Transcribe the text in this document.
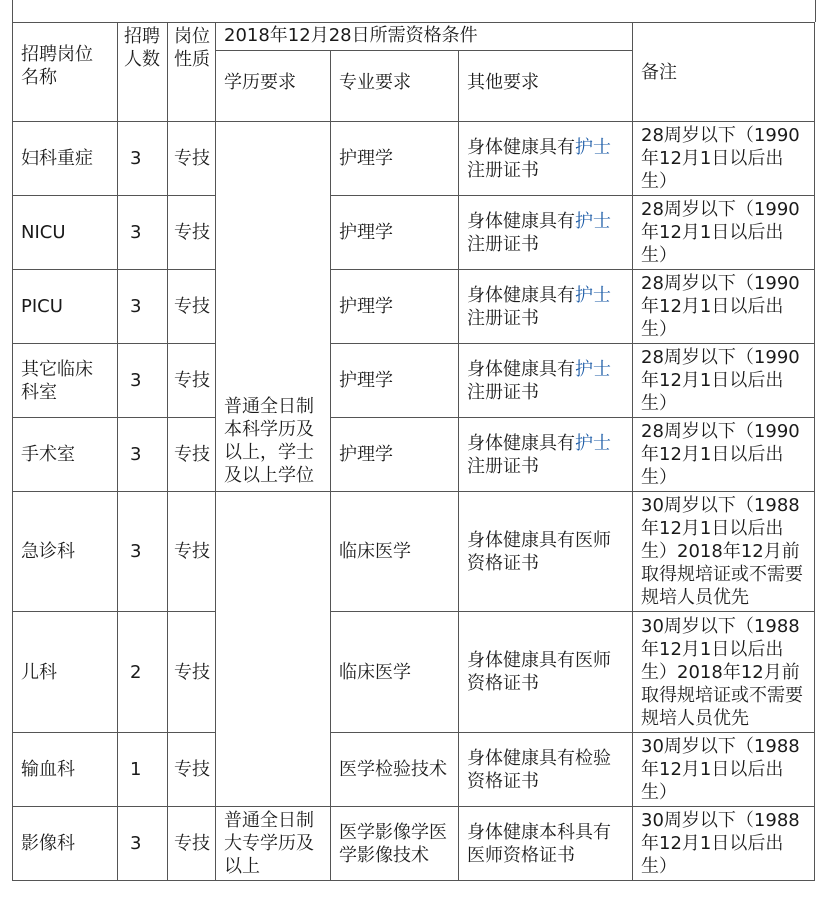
招聘岗位名称	招聘人数	岗位性质	2018年12月28日所需资格条件			备注
			学历要求	专业要求	其他要求	
妇科重症	3	专技	普通全日制本科学历及以上，学士及以上学位	护理学	身体健康具有护士注册证书	28周岁以下（1990年12月1日以后出生）
NICU	3	专技		护理学	身体健康具有护士注册证书	28周岁以下（1990年12月1日以后出生）
PICU	3	专技		护理学	身体健康具有护士注册证书	28周岁以下（1990年12月1日以后出生）
其它临床科室	3	专技		护理学	身体健康具有护士注册证书	28周岁以下（1990年12月1日以后出生）
手术室	3	专技		护理学	身体健康具有护士注册证书	28周岁以下（1990年12月1日以后出生）
急诊科	3	专技		临床医学	身体健康具有医师资格证书	30周岁以下（1988年12月1日以后出生）2018年12月前取得规培证或不需要规培人员优先
儿科	2	专技		临床医学	身体健康具有医师资格证书	30周岁以下（1988年12月1日以后出生）2018年12月前取得规培证或不需要规培人员优先
输血科	1	专技		医学检验技术	身体健康具有检验资格证书	30周岁以下（1988年12月1日以后出生）
影像科	3	专技	普通全日制大专学历及以上	医学影像学医学影像技术	身体健康本科具有医师资格证书	30周岁以下（1988年12月1日以后出生）
